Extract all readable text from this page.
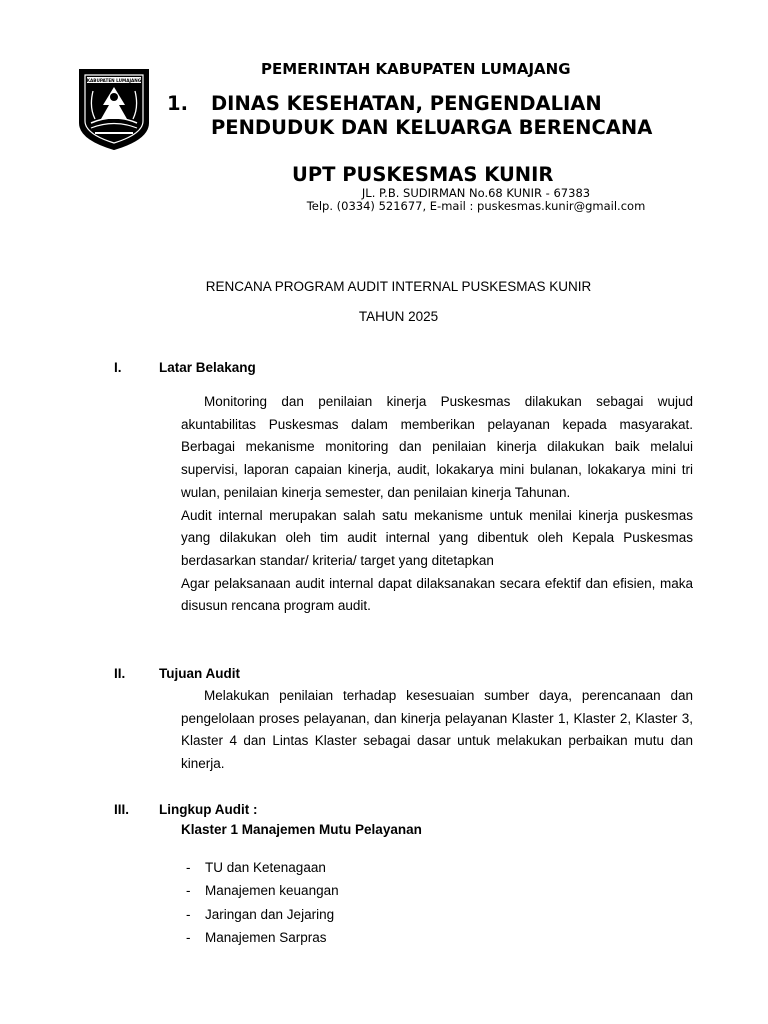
KABUPATEN LUMAJANG
PEMERINTAH KABUPATEN LUMAJANG
1. DINAS KESEHATAN, PENGENDALIAN PENDUDUK DAN KELUARGA BERENCANA
UPT PUSKESMAS KUNIR
JL. P.B. SUDIRMAN No.68 KUNIR - 67383
Telp. (0334) 521677, E-mail : puskesmas.kunir@gmail.com
RENCANA PROGRAM AUDIT INTERNAL PUSKESMAS KUNIR
TAHUN 2025
I.	Latar Belakang
Monitoring dan penilaian kinerja Puskesmas dilakukan sebagai wujud akuntabilitas Puskesmas dalam memberikan pelayanan kepada masyarakat. Berbagai mekanisme monitoring dan penilaian kinerja dilakukan baik melalui supervisi, laporan capaian kinerja, audit, lokakarya mini bulanan, lokakarya mini tri wulan, penilaian kinerja semester, dan penilaian kinerja Tahunan.
Audit internal merupakan salah satu mekanisme untuk menilai kinerja puskesmas yang dilakukan oleh tim audit internal yang dibentuk oleh Kepala Puskesmas berdasarkan standar/ kriteria/ target yang ditetapkan
Agar pelaksanaan audit internal dapat dilaksanakan secara efektif dan efisien, maka disusun rencana program audit.
II. Tujuan Audit
Melakukan penilaian terhadap kesesuaian sumber daya, perencanaan dan pengelolaan proses pelayanan, dan kinerja pelayanan Klaster 1, Klaster 2, Klaster 3, Klaster 4 dan Lintas Klaster sebagai dasar untuk melakukan perbaikan mutu dan kinerja.
III. Lingkup Audit :
Klaster 1 Manajemen Mutu Pelayanan
- TU dan Ketenagaan
- Manajemen keuangan
- Jaringan dan Jejaring
- Manajemen Sarpras
